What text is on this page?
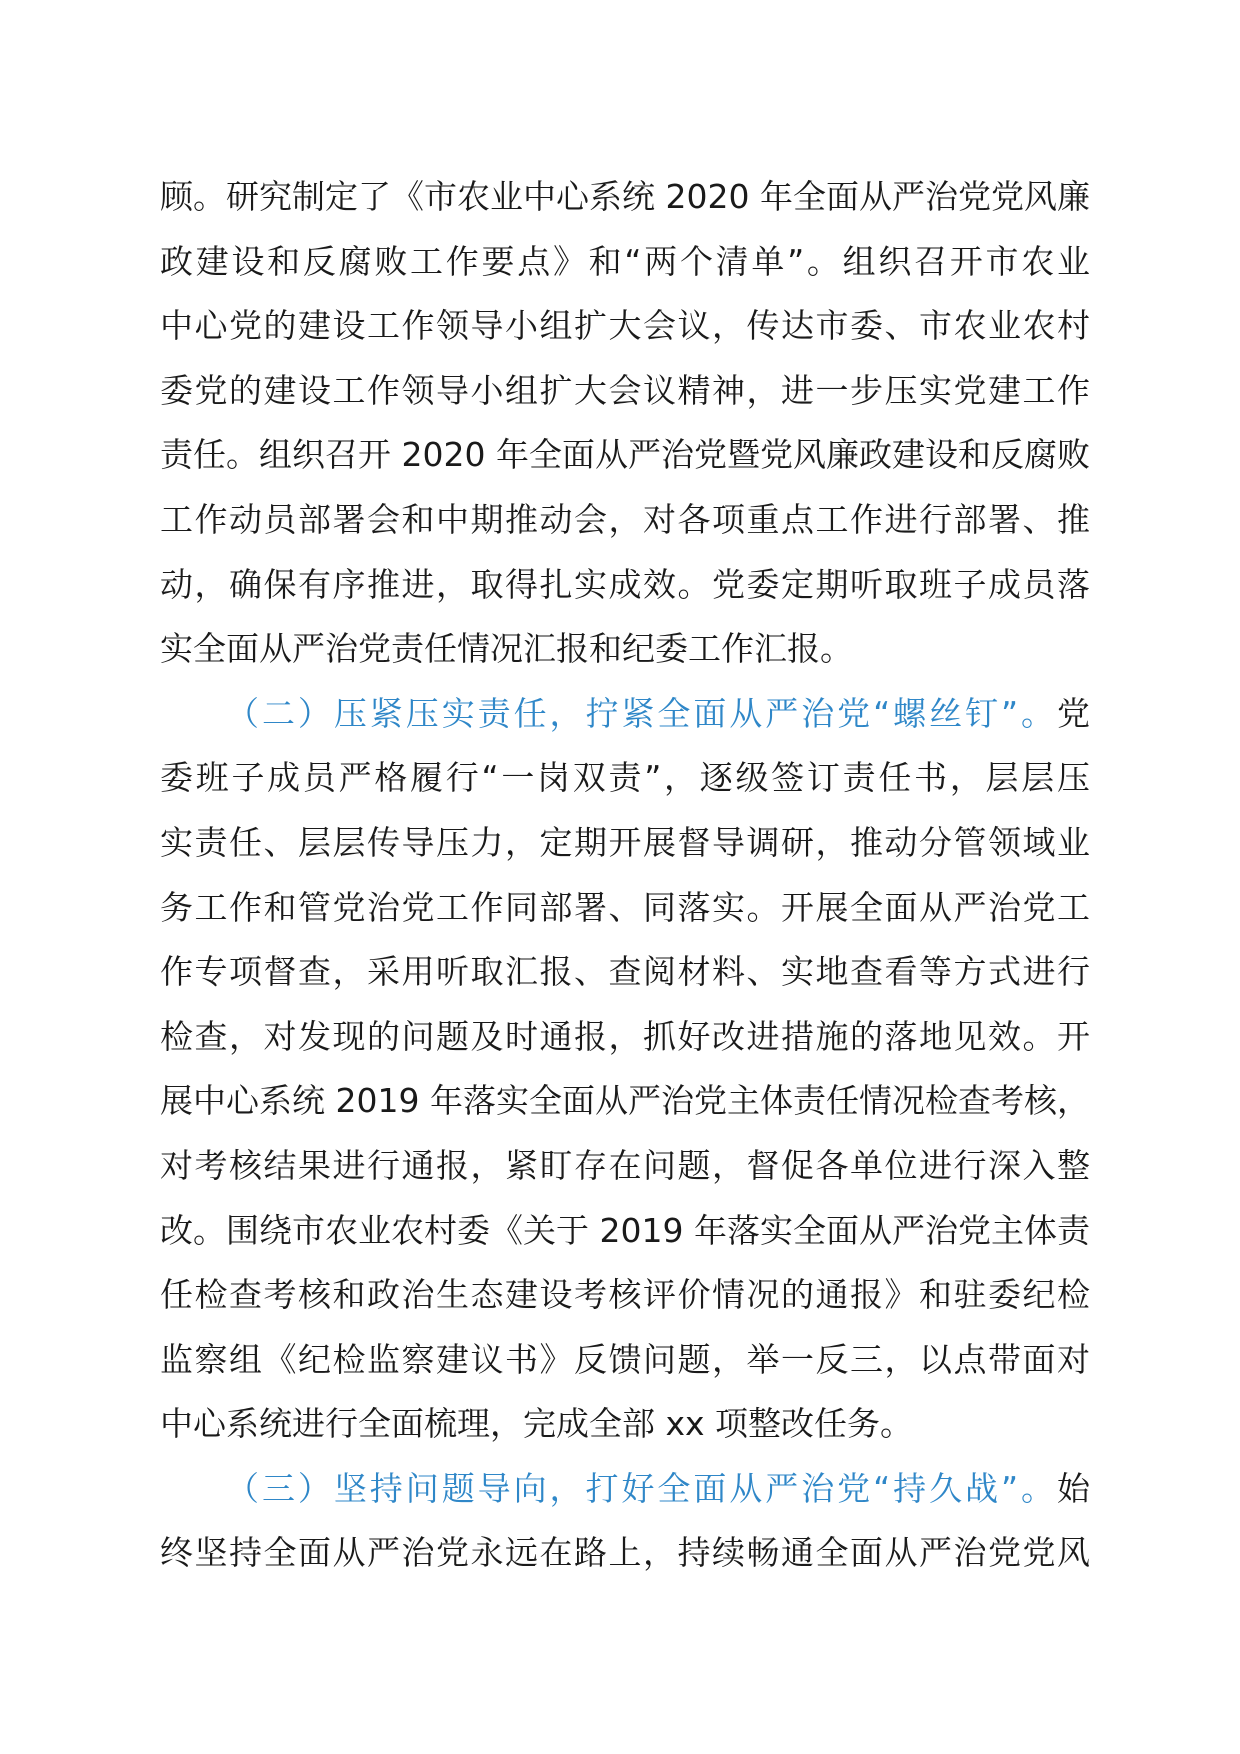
顾。研究制定了《市农业中心系统 2020 年全面从严治党党风廉
政建设和反腐败工作要点》和“两个清单”。组织召开市农业
中心党的建设工作领导小组扩大会议，传达市委、市农业农村
委党的建设工作领导小组扩大会议精神，进一步压实党建工作
责任。组织召开 2020 年全面从严治党暨党风廉政建设和反腐败
工作动员部署会和中期推动会，对各项重点工作进行部署、推
动，确保有序推进，取得扎实成效。党委定期听取班子成员落
实全面从严治党责任情况汇报和纪委工作汇报。
（二）压紧压实责任，拧紧全面从严治党“螺丝钉”。党
委班子成员严格履行“一岗双责”，逐级签订责任书，层层压
实责任、层层传导压力，定期开展督导调研，推动分管领域业
务工作和管党治党工作同部署、同落实。开展全面从严治党工
作专项督查，采用听取汇报、查阅材料、实地查看等方式进行
检查，对发现的问题及时通报，抓好改进措施的落地见效。开
展中心系统 2019 年落实全面从严治党主体责任情况检查考核，
对考核结果进行通报，紧盯存在问题，督促各单位进行深入整
改。围绕市农业农村委《关于 2019 年落实全面从严治党主体责
任检查考核和政治生态建设考核评价情况的通报》和驻委纪检
监察组《纪检监察建议书》反馈问题，举一反三，以点带面对
中心系统进行全面梳理，完成全部 xx 项整改任务。
（三）坚持问题导向，打好全面从严治党“持久战”。始
终坚持全面从严治党永远在路上，持续畅通全面从严治党党风
